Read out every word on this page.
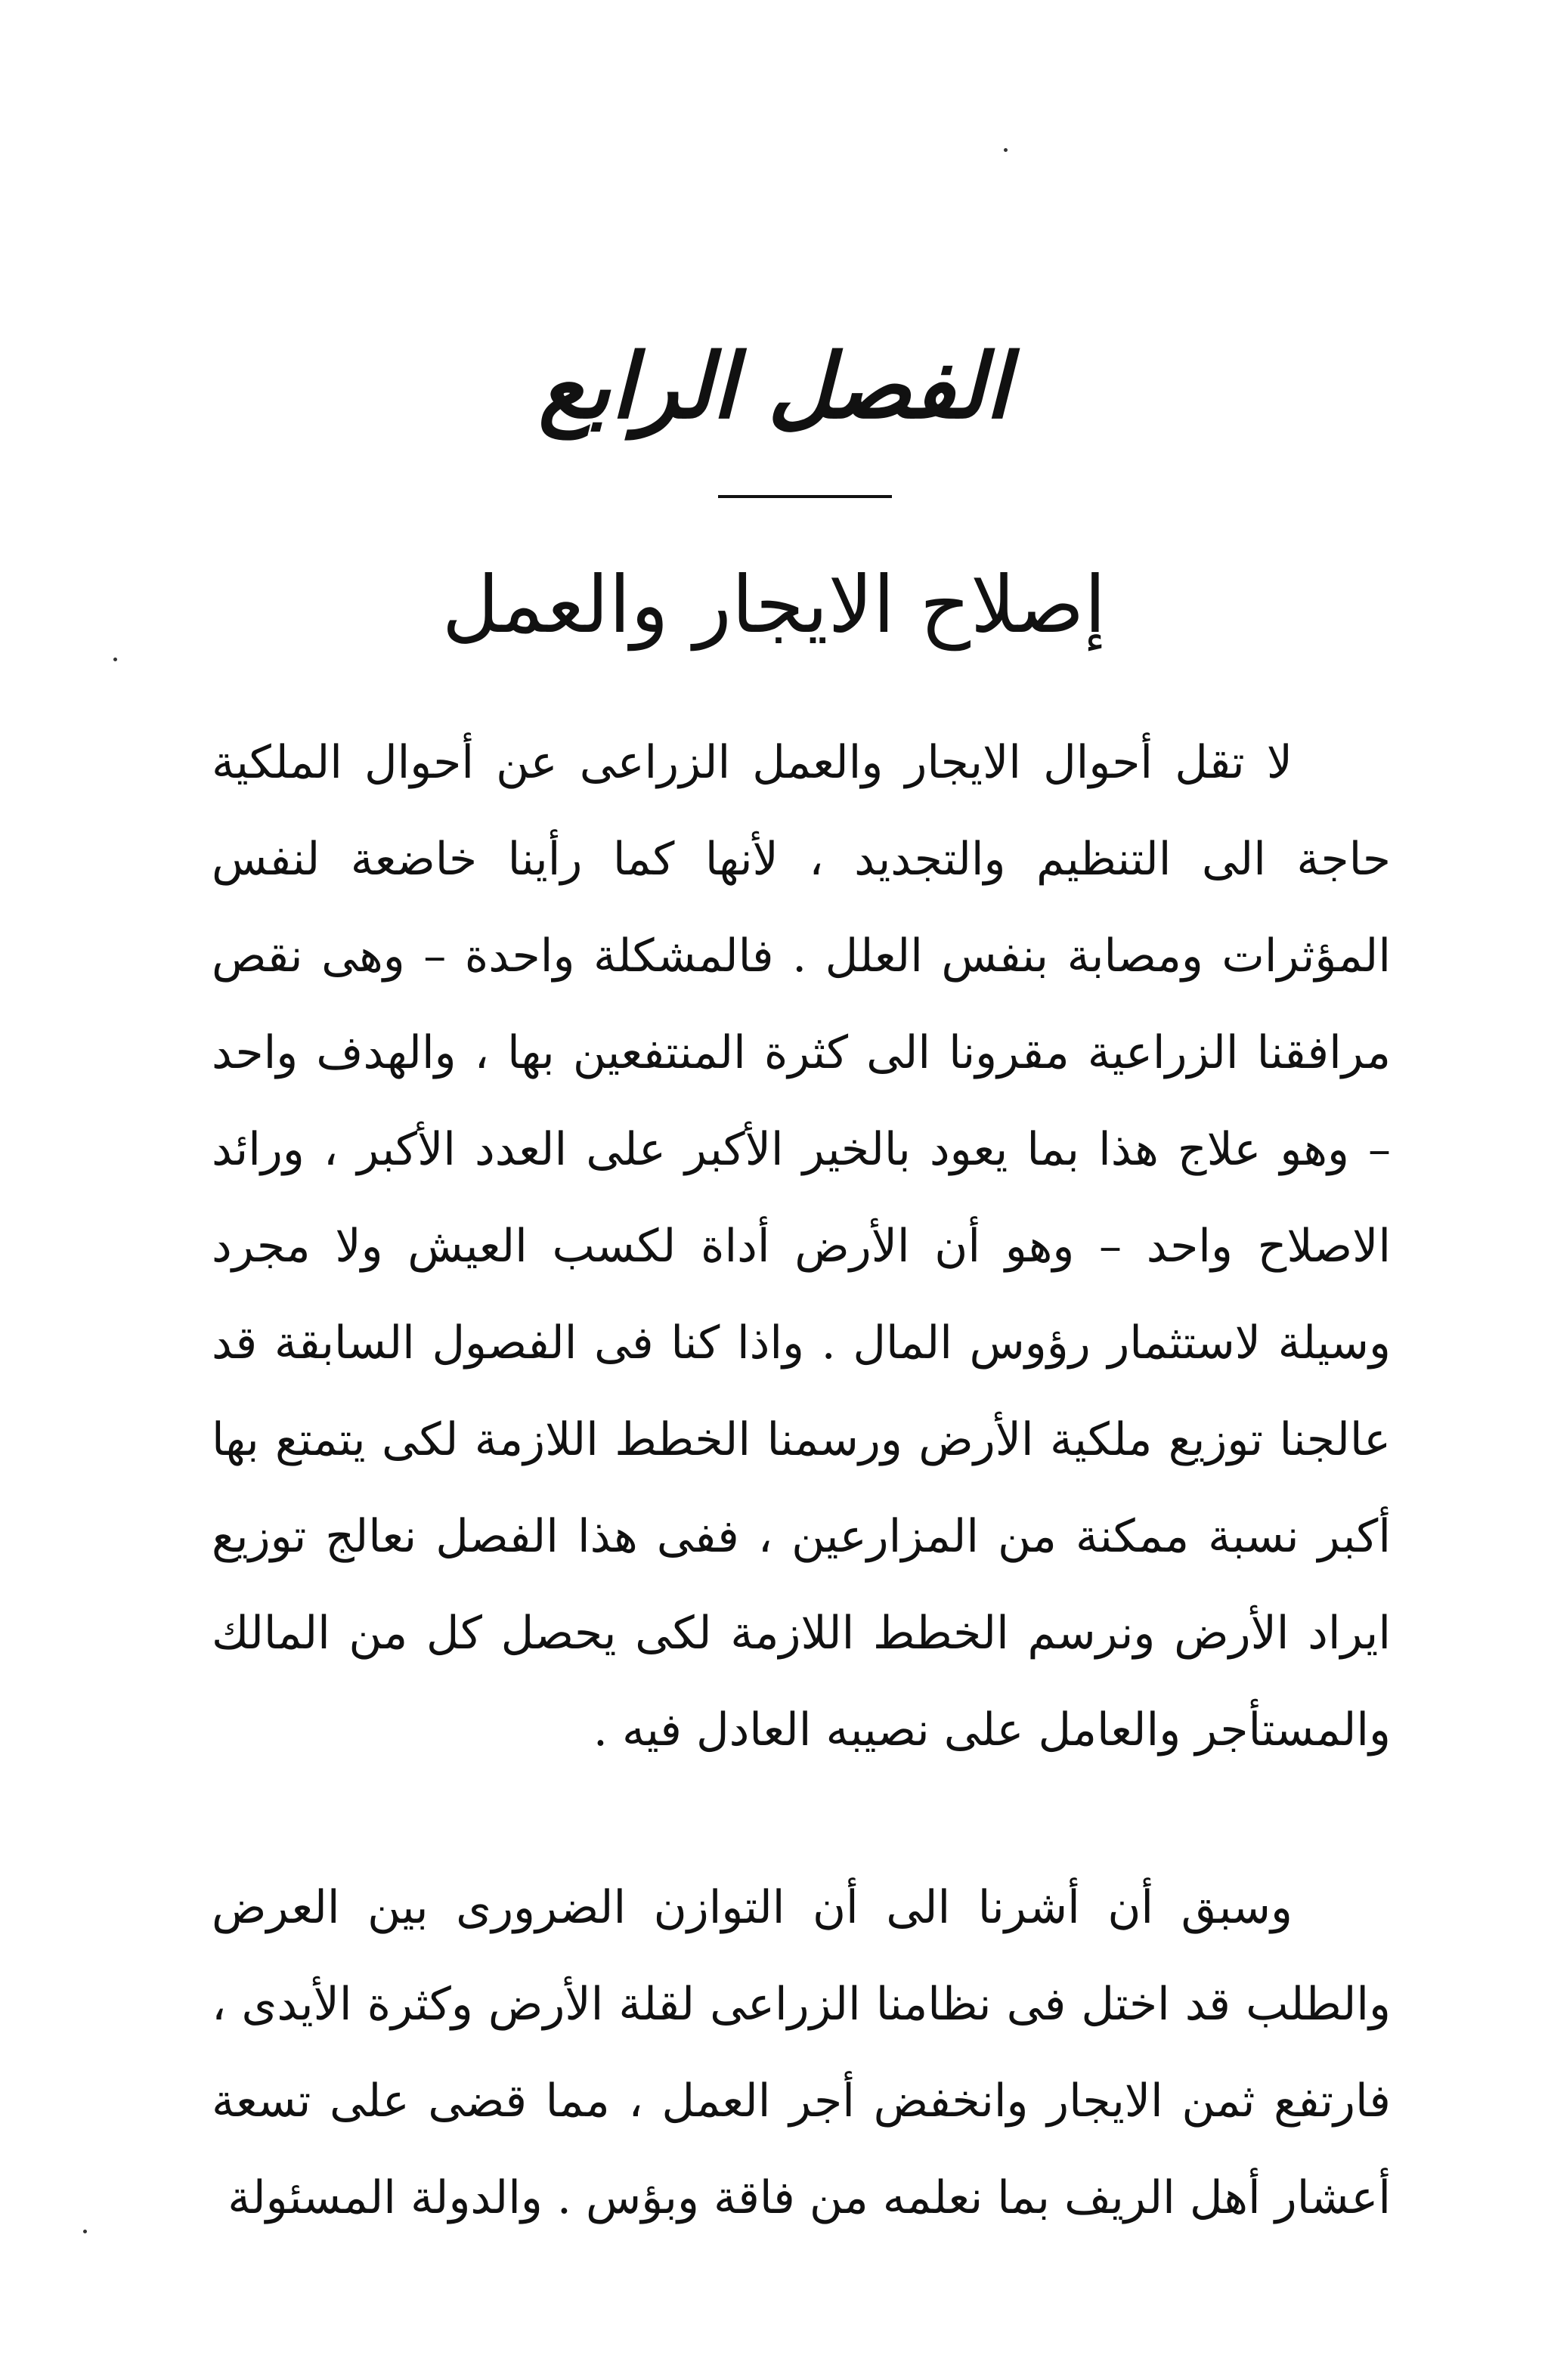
الفصل الرابع
إصلاح الايجار والعمل

لا تقل أحوال الايجار والعمل الزراعى عن أحوال الملكية حاجة الى التنظيم والتجديد ، لأنها كما رأينا خاضعة لنفس المؤثرات ومصابة بنفس العلل . فالمشكلة واحدة – وهى نقص مرافقنا الزراعية مقرونا الى كثرة المنتفعين بها ، والهدف واحد – وهو علاج هذا بما يعود بالخير الأكبر على العدد الأكبر ، ورائد الاصلاح واحد – وهو أن الأرض أداة لكسب العيش ولا مجرد وسيلة لاستثمار رؤوس المال . واذا كنا فى الفصول السابقة قد عالجنا توزيع ملكية الأرض ورسمنا الخطط اللازمة لكى يتمتع بها أكبر نسبة ممكنة من المزارعين ، ففى هذا الفصل نعالج توزيع ايراد الأرض ونرسم الخطط اللازمة لكى يحصل كل من المالك والمستأجر والعامل على نصيبه العادل فيه .

وسبق أن أشرنا الى أن التوازن الضرورى بين العرض والطلب قد اختل فى نظامنا الزراعى لقلة الأرض وكثرة الأيدى ، فارتفع ثمن الايجار وانخفض أجر العمل ، مما قضى على تسعة أعشار أهل الريف بما نعلمه من فاقة وبؤس . والدولة المسئولة
